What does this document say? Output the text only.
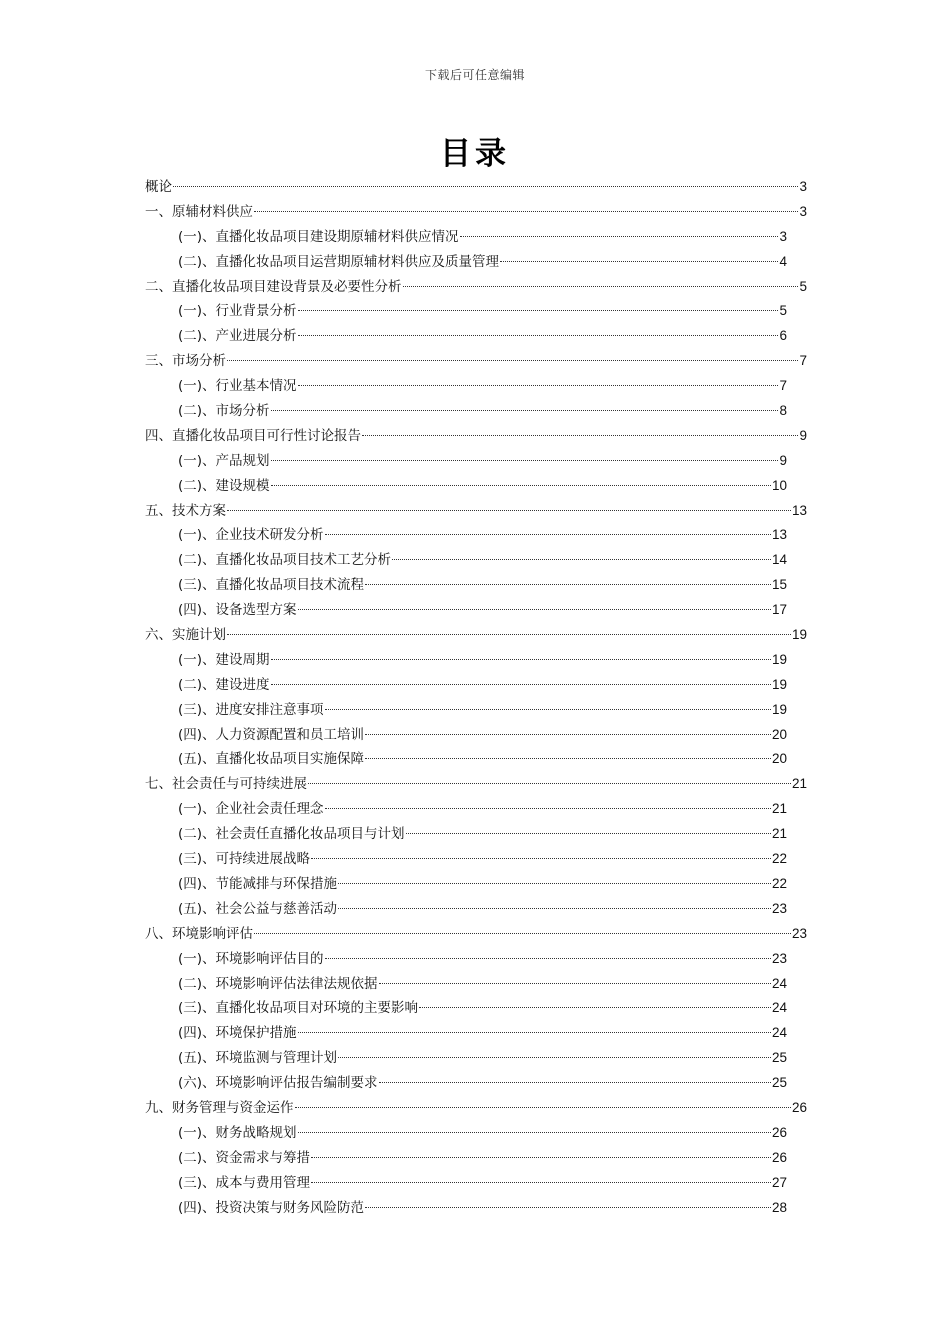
下载后可任意编辑
目录
概论	3
一、原辅材料供应	3
(一)、直播化妆品项目建设期原辅材料供应情况	3
(二)、直播化妆品项目运营期原辅材料供应及质量管理	4
二、直播化妆品项目建设背景及必要性分析	5
(一)、行业背景分析	5
(二)、产业进展分析	6
三、市场分析	7
(一)、行业基本情况	7
(二)、市场分析	8
四、直播化妆品项目可行性讨论报告	9
(一)、产品规划	9
(二)、建设规模	10
五、技术方案	13
(一)、企业技术研发分析	13
(二)、直播化妆品项目技术工艺分析	14
(三)、直播化妆品项目技术流程	15
(四)、设备选型方案	17
六、实施计划	19
(一)、建设周期	19
(二)、建设进度	19
(三)、进度安排注意事项	19
(四)、人力资源配置和员工培训	20
(五)、直播化妆品项目实施保障	20
七、社会责任与可持续进展	21
(一)、企业社会责任理念	21
(二)、社会责任直播化妆品项目与计划	21
(三)、可持续进展战略	22
(四)、节能减排与环保措施	22
(五)、社会公益与慈善活动	23
八、环境影响评估	23
(一)、环境影响评估目的	23
(二)、环境影响评估法律法规依据	24
(三)、直播化妆品项目对环境的主要影响	24
(四)、环境保护措施	24
(五)、环境监测与管理计划	25
(六)、环境影响评估报告编制要求	25
九、财务管理与资金运作	26
(一)、财务战略规划	26
(二)、资金需求与筹措	26
(三)、成本与费用管理	27
(四)、投资决策与财务风险防范	28
